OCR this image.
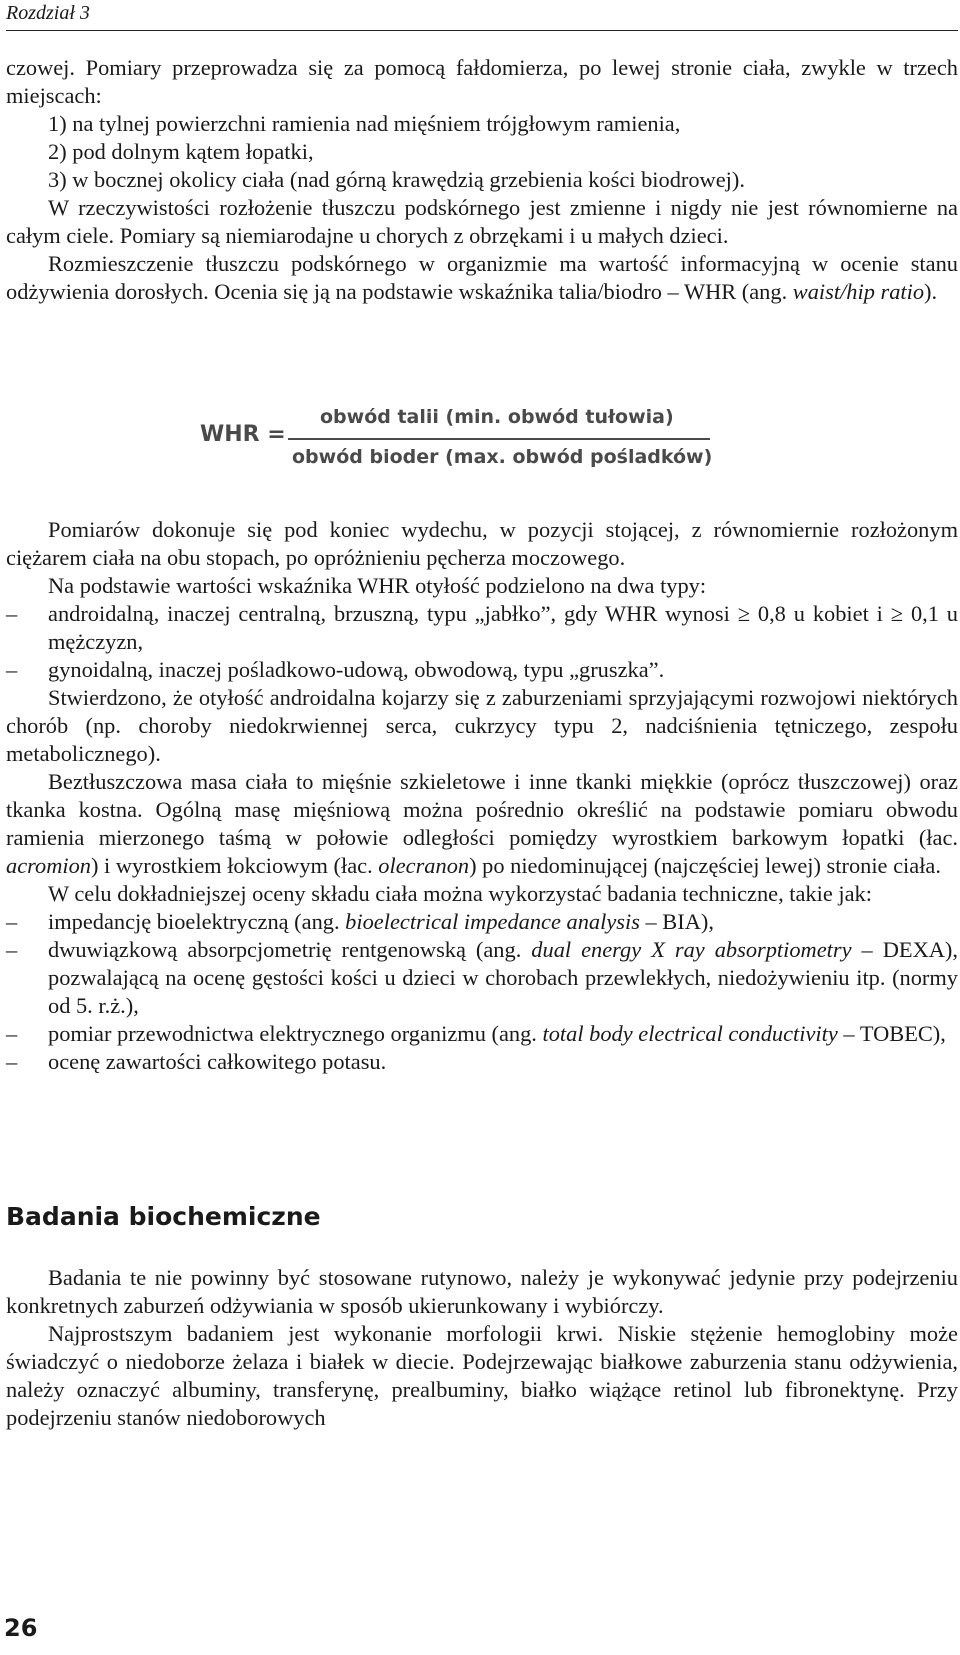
Rozdział 3

czowej. Pomiary przeprowadza się za pomocą fałdomierza, po lewej stronie ciała, zwykle w trzech miejscach:

1) na tylnej powierzchni ramienia nad mięśniem trójgłowym ramienia,

2) pod dolnym kątem łopatki,

3) w bocznej okolicy ciała (nad górną krawędzią grzebienia kości biodrowej).

W rzeczywistości rozłożenie tłuszczu podskórnego jest zmienne i nigdy nie jest równomierne na całym ciele. Pomiary są niemiarodajne u chorych z obrzękami i u małych dzieci.

Rozmieszczenie tłuszczu podskórnego w organizmie ma wartość informacyjną w ocenie stanu odżywienia dorosłych. Ocenia się ją na podstawie wskaźnika talia/biodro – WHR (ang. waist/hip ratio).

WHR =
obwód talii (min. obwód tułowia)
obwód bioder (max. obwód pośladków)

Pomiarów dokonuje się pod koniec wydechu, w pozycji stojącej, z równomiernie rozłożonym ciężarem ciała na obu stopach, po opróżnieniu pęcherza moczowego.

Na podstawie wartości wskaźnika WHR otyłość podzielono na dwa typy:

– androidalną, inaczej centralną, brzuszną, typu „jabłko”, gdy WHR wynosi ≥ 0,8 u kobiet i ≥ 0,1 u mężczyzn,

– gynoidalną, inaczej pośladkowo-udową, obwodową, typu „gruszka”.

Stwierdzono, że otyłość androidalna kojarzy się z zaburzeniami sprzyjającymi rozwojowi niektórych chorób (np. choroby niedokrwiennej serca, cukrzycy typu 2, nadciśnienia tętniczego, zespołu metabolicznego).

Beztłuszczowa masa ciała to mięśnie szkieletowe i inne tkanki miękkie (oprócz tłuszczowej) oraz tkanka kostna. Ogólną masę mięśniową można pośrednio określić na podstawie pomiaru obwodu ramienia mierzonego taśmą w połowie odległości pomiędzy wyrostkiem barkowym łopatki (łac. acromion) i wyrostkiem łokciowym (łac. olecranon) po niedominującej (najczęściej lewej) stronie ciała.

W celu dokładniejszej oceny składu ciała można wykorzystać badania techniczne, takie jak:

– impedancję bioelektryczną (ang. bioelectrical impedance analysis – BIA),

– dwuwiązkową absorpcjometrię rentgenowską (ang. dual energy X ray absorptiometry – DEXA), pozwalającą na ocenę gęstości kości u dzieci w chorobach przewlekłych, niedożywieniu itp. (normy od 5. r.ż.),

– pomiar przewodnictwa elektrycznego organizmu (ang. total body electrical conductivity – TOBEC),

– ocenę zawartości całkowitego potasu.

Badania biochemiczne

Badania te nie powinny być stosowane rutynowo, należy je wykonywać jedynie przy podejrzeniu konkretnych zaburzeń odżywiania w sposób ukierunkowany i wybiórczy.

Najprostszym badaniem jest wykonanie morfologii krwi. Niskie stężenie hemoglobiny może świadczyć o niedoborze żelaza i białek w diecie. Podejrzewając białkowe zaburzenia stanu odżywienia, należy oznaczyć albuminy, transferynę, prealbuminy, białko wiążące retinol lub fibronektynę. Przy podejrzeniu stanów niedoborowych

26
